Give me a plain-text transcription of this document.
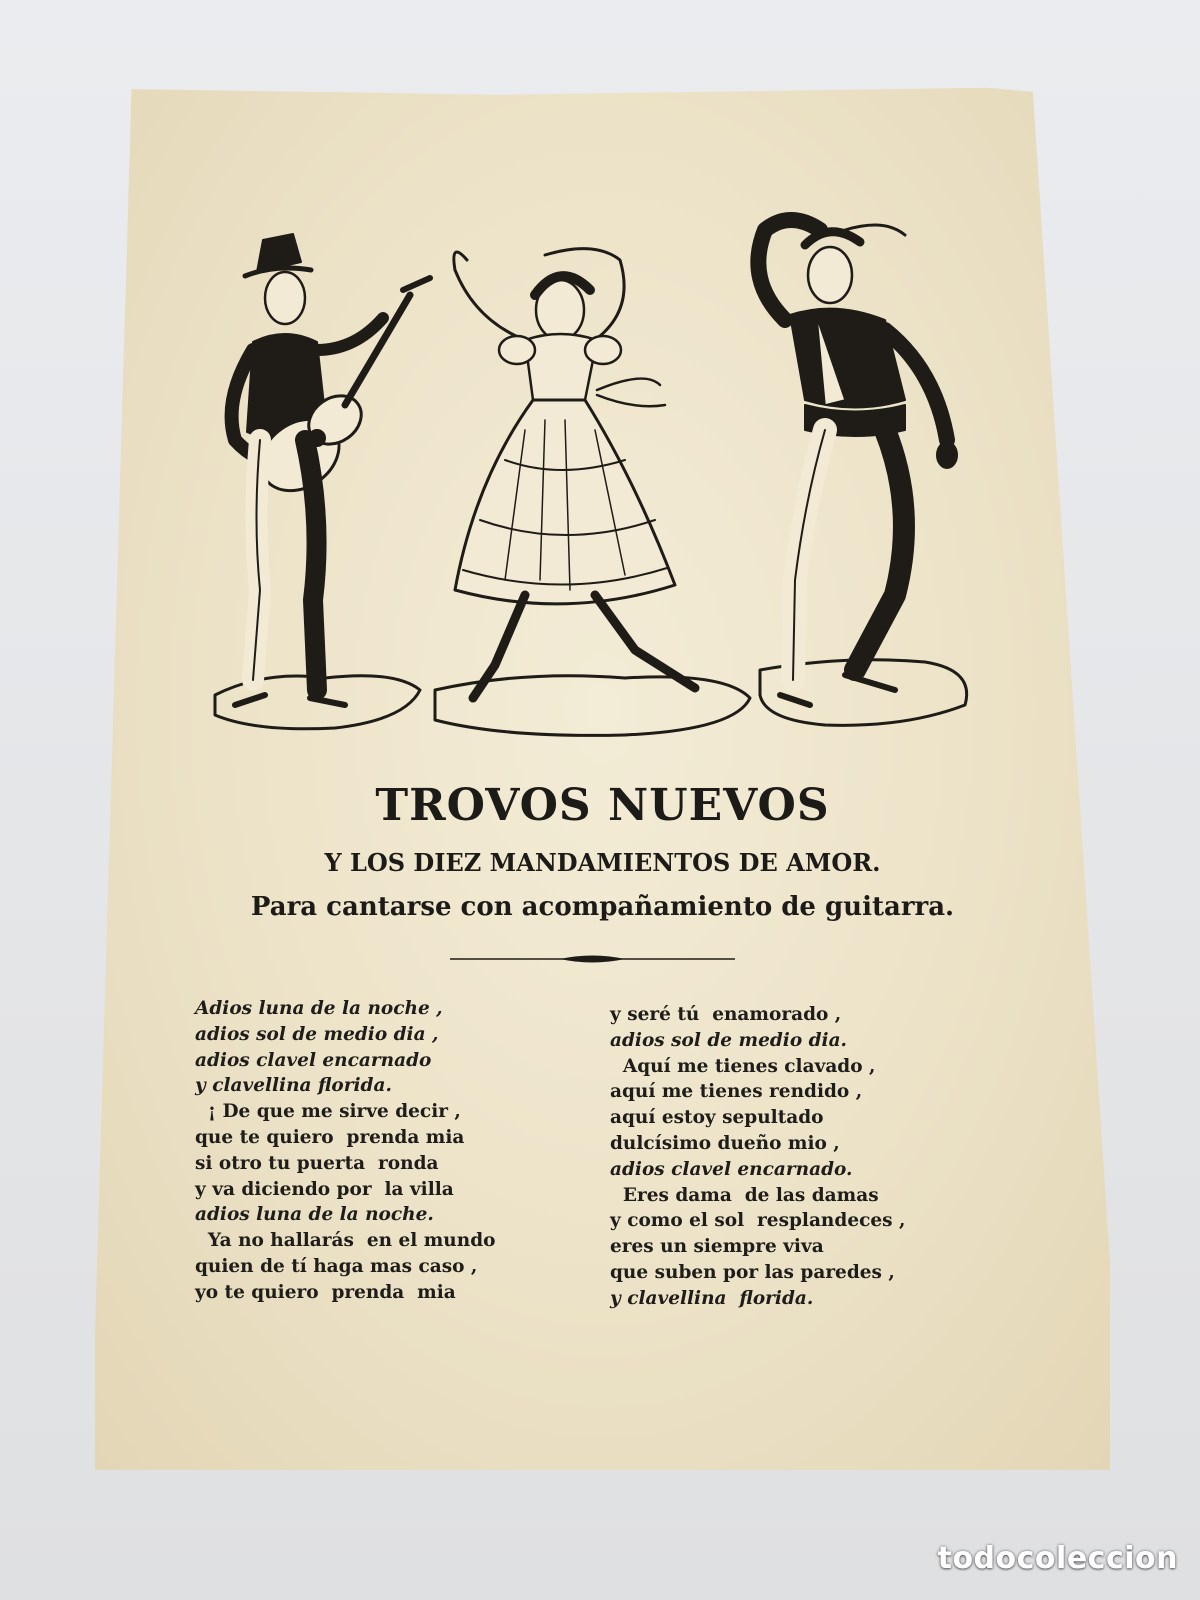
TROVOS NUEVOS
Y LOS DIEZ MANDAMIENTOS DE AMOR.
Para cantarse con acompañamiento de guitarra.
Adios luna de la noche ,
adios sol de medio dia ,
adios clavel encarnado
y clavellina florida.
¡ De que me sirve decir ,
que te quiero  prenda mia
si otro tu puerta  ronda
y va diciendo por  la villa
adios luna de la noche.
Ya no hallarás  en el mundo
quien de tí haga mas caso ,
yo te quiero  prenda  mia
y seré tú  enamorado ,
adios sol de medio dia.
Aquí me tienes clavado ,
aquí me tienes rendido ,
aquí estoy sepultado
dulcísimo dueño mio ,
adios clavel encarnado.
Eres dama  de las damas
y como el sol  resplandeces ,
eres un siempre viva
que suben por las paredes ,
y clavellina  florida.
todocoleccion
